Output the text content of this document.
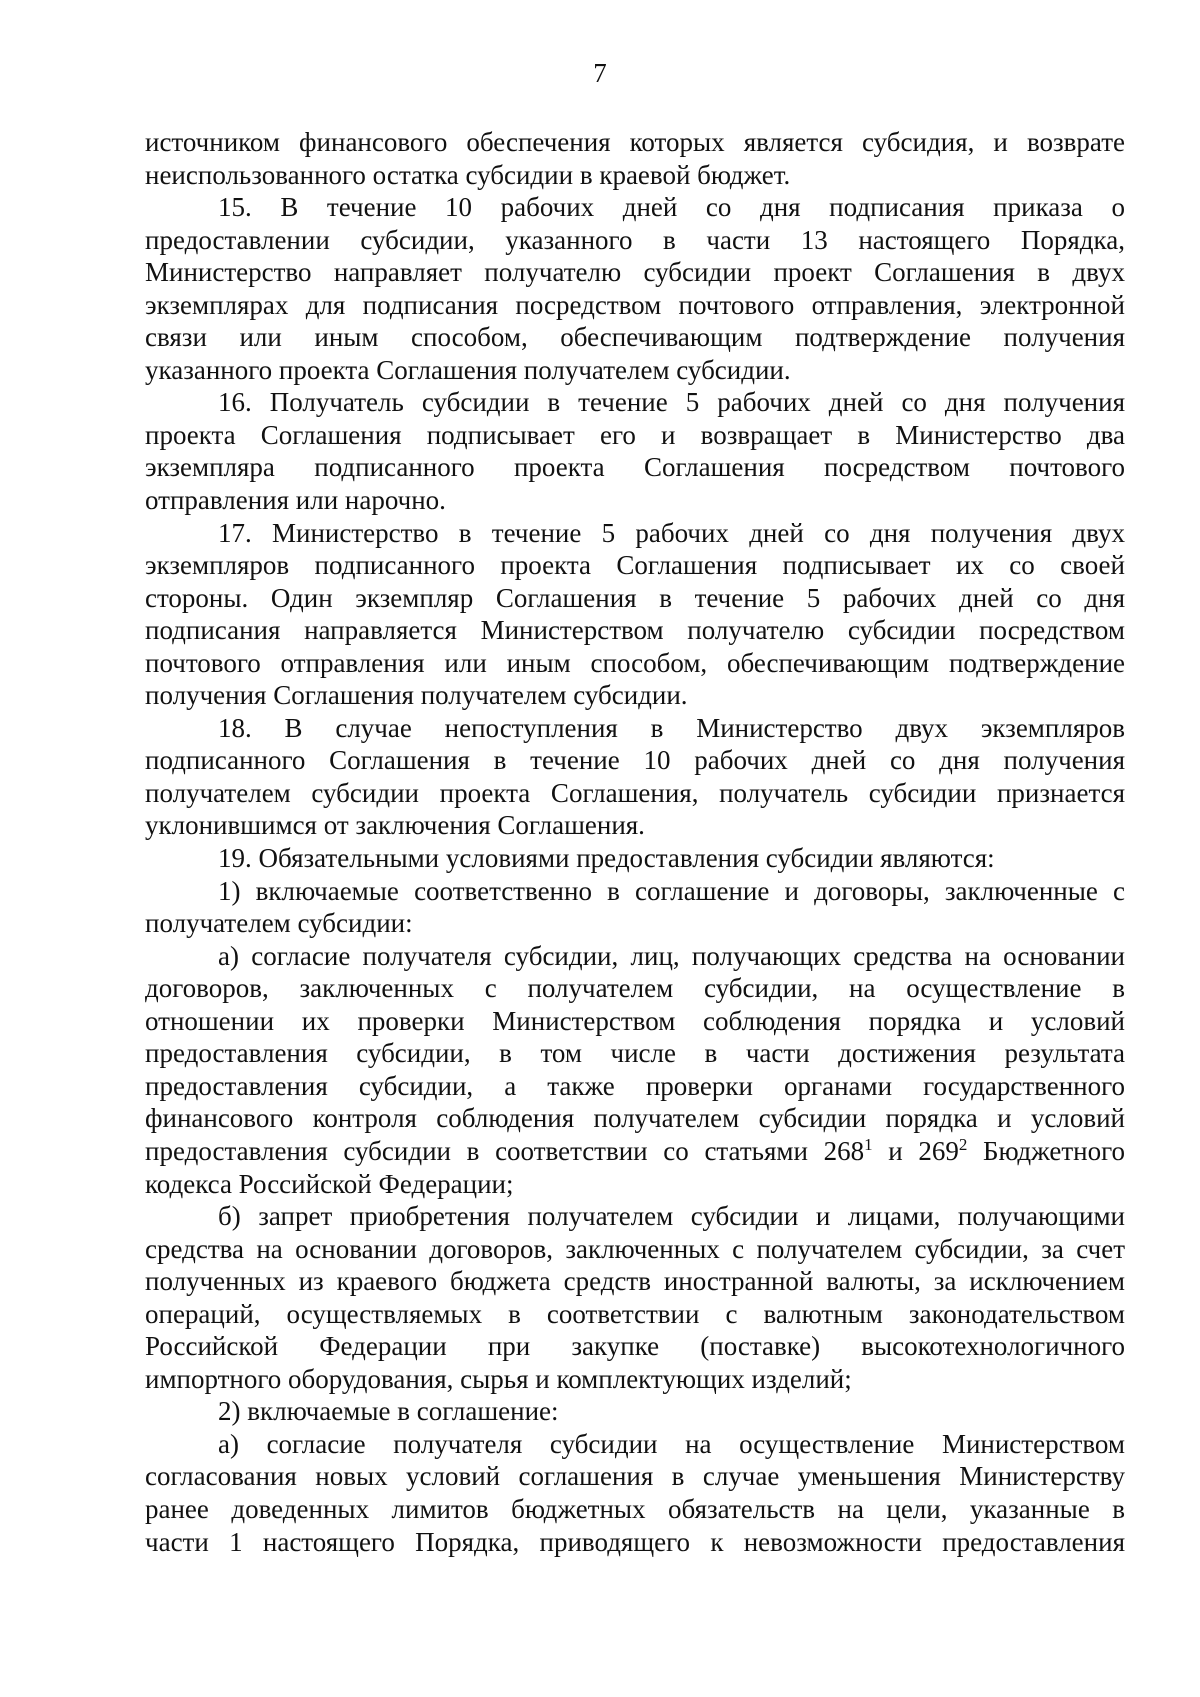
7
источником финансового обеспечения которых является субсидия, и возврате
неиспользованного остатка субсидии в краевой бюджет.
15. В течение 10 рабочих дней со дня подписания приказа о
предоставлении субсидии, указанного в части 13 настоящего Порядка,
Министерство направляет получателю субсидии проект Соглашения в двух
экземплярах для подписания посредством почтового отправления, электронной
связи или иным способом, обеспечивающим подтверждение получения
указанного проекта Соглашения получателем субсидии.
16. Получатель субсидии в течение 5 рабочих дней со дня получения
проекта Соглашения подписывает его и возвращает в Министерство два
экземпляра подписанного проекта Соглашения посредством почтового
отправления или нарочно.
17. Министерство в течение 5 рабочих дней со дня получения двух
экземпляров подписанного проекта Соглашения подписывает их со своей
стороны. Один экземпляр Соглашения в течение 5 рабочих дней со дня
подписания направляется Министерством получателю субсидии посредством
почтового отправления или иным способом, обеспечивающим подтверждение
получения Соглашения получателем субсидии.
18. В случае непоступления в Министерство двух экземпляров
подписанного Соглашения в течение 10 рабочих дней со дня получения
получателем субсидии проекта Соглашения, получатель субсидии признается
уклонившимся от заключения Соглашения.
19. Обязательными условиями предоставления субсидии являются:
1) включаемые соответственно в соглашение и договоры, заключенные с
получателем субсидии:
а) согласие получателя субсидии, лиц, получающих средства на основании
договоров, заключенных с получателем субсидии, на осуществление в
отношении их проверки Министерством соблюдения порядка и условий
предоставления субсидии, в том числе в части достижения результата
предоставления субсидии, а также проверки органами государственного
финансового контроля соблюдения получателем субсидии порядка и условий
предоставления субсидии в соответствии со статьями $268^1$ и $269^2$ Бюджетного
кодекса Российской Федерации;
б) запрет приобретения получателем субсидии и лицами, получающими
средства на основании договоров, заключенных с получателем субсидии, за счет
полученных из краевого бюджета средств иностранной валюты, за исключением
операций, осуществляемых в соответствии с валютным законодательством
Российской Федерации при закупке (поставке) высокотехнологичного
импортного оборудования, сырья и комплектующих изделий;
2) включаемые в соглашение:
а) согласие получателя субсидии на осуществление Министерством
согласования новых условий соглашения в случае уменьшения Министерству
ранее доведенных лимитов бюджетных обязательств на цели, указанные в
части 1 настоящего Порядка, приводящего к невозможности предоставления
